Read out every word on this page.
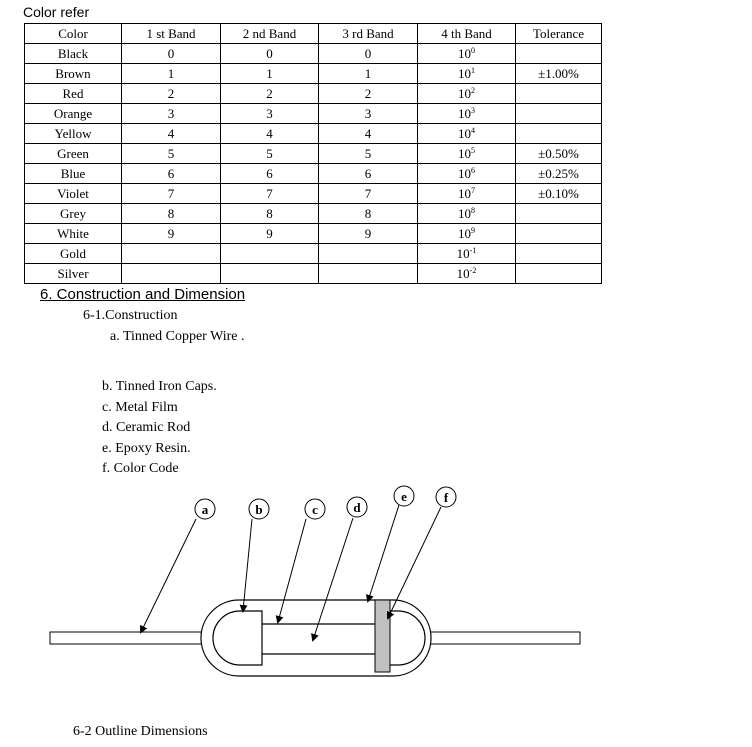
Color refer
Color	1 st Band	2 nd Band	3 rd Band	4 th Band	Tolerance
Black	0	0	0	$10^0$	
Brown	1	1	1	$10^1$	±1.00%
Red	2	2	2	$10^2$	
Orange	3	3	3	$10^3$	
Yellow	4	4	4	$10^4$	
Green	5	5	5	$10^5$	±0.50%
Blue	6	6	6	$10^6$	±0.25%
Violet	7	7	7	$10^7$	±0.10%
Grey	8	8	8	$10^8$	
White	9	9	9	$10^9$	
Gold				$10^{-1}$	
Silver				$10^{-2}$	
6. Construction and Dimension
6-1.Construction
a. Tinned Copper Wire .
b. Tinned Iron Caps.
c. Metal Film
d. Ceramic Rod
e. Epoxy Resin.
f. Color Code
a	b	c	d
e	f
6-2 Outline Dimensions
